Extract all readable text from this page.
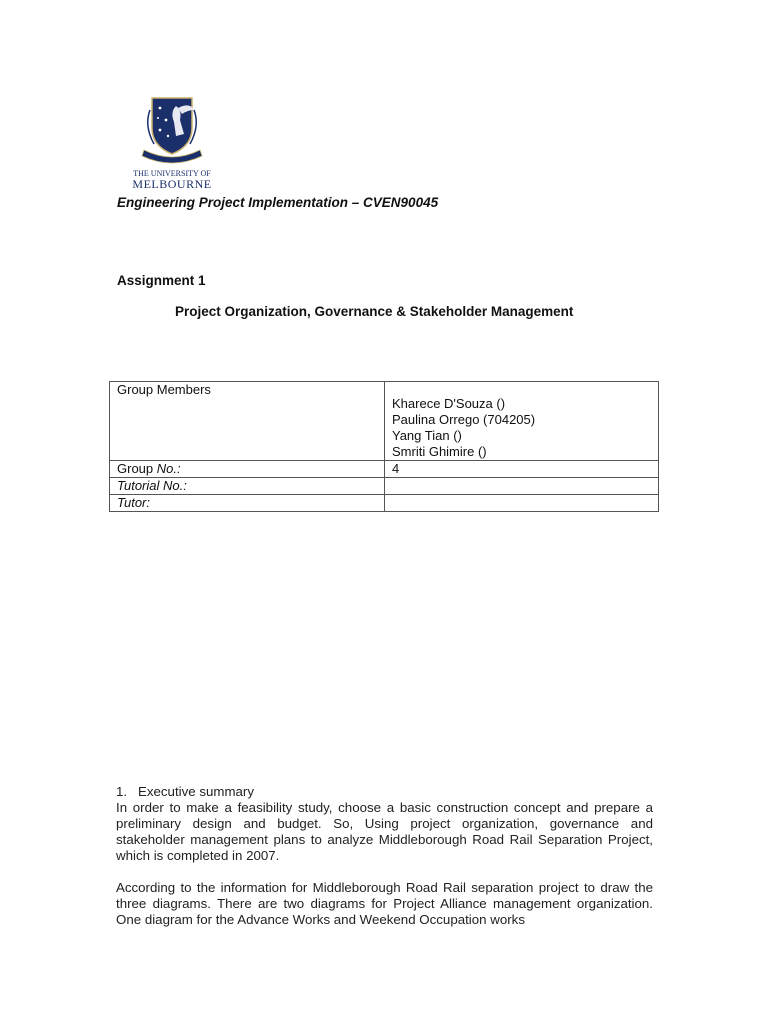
THE UNIVERSITY OF
MELBOURNE
Engineering Project Implementation – CVEN90045
Assignment 1
Project Organization, Governance & Stakeholder Management
Group Members	Kharece D'Souza ()
Paulina Orrego (704205)
Yang Tian ()
Smriti Ghimire ()

Group No.:	4
Tutorial No.:	
Tutor:	
1. Executive summary

In order to make a feasibility study, choose a basic construction concept and prepare a preliminary design and budget. So, Using project organization, governance and stakeholder management plans to analyze Middleborough Road Rail Separation Project, which is completed in 2007.

According to the information for Middleborough Road Rail separation project to draw the three diagrams. There are two diagrams for Project Alliance management organization. One diagram for the Advance Works and Weekend Occupation works
